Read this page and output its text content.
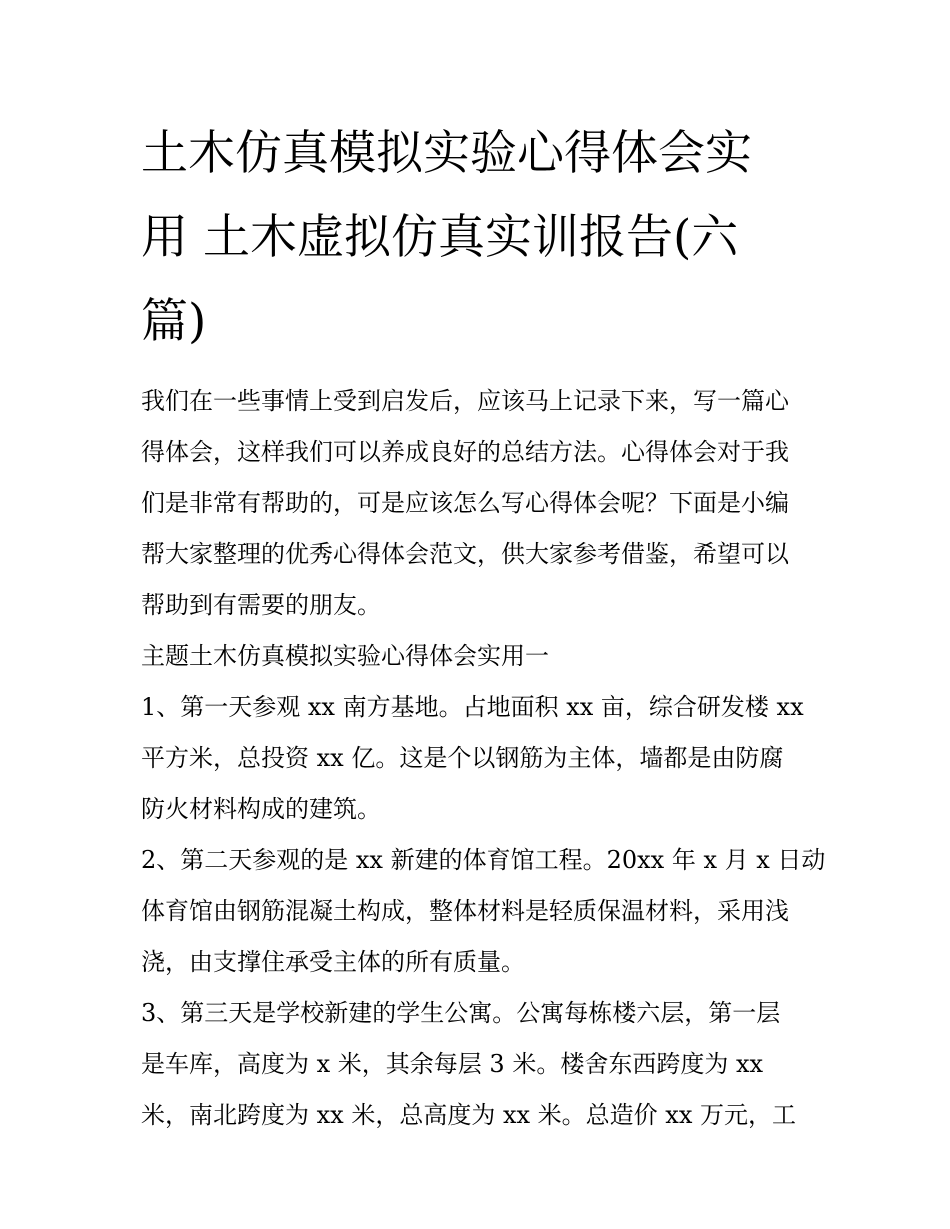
土木仿真模拟实验心得体会实
用 土木虚拟仿真实训报告(六
篇)

我们在一些事情上受到启发后，应该马上记录下来，写一篇心
得体会，这样我们可以养成良好的总结方法。心得体会对于我
们是非常有帮助的，可是应该怎么写心得体会呢？下面是小编
帮大家整理的优秀心得体会范文，供大家参考借鉴，希望可以
帮助到有需要的朋友。

主题土木仿真模拟实验心得体会实用一

1、第一天参观 xx 南方基地。占地面积 xx 亩，综合研发楼 xx
平方米，总投资 xx 亿。这是个以钢筋为主体，墙都是由防腐
防火材料构成的建筑。

2、第二天参观的是 xx 新建的体育馆工程。20xx 年 x 月 x 日动
体育馆由钢筋混凝土构成，整体材料是轻质保温材料，采用浅
浇，由支撑住承受主体的所有质量。

3、第三天是学校新建的学生公寓。公寓每栋楼六层，第一层
是车库，高度为 x 米，其余每层 3 米。楼舍东西跨度为 xx
米，南北跨度为 xx 米，总高度为 xx 米。总造价 xx 万元，工
